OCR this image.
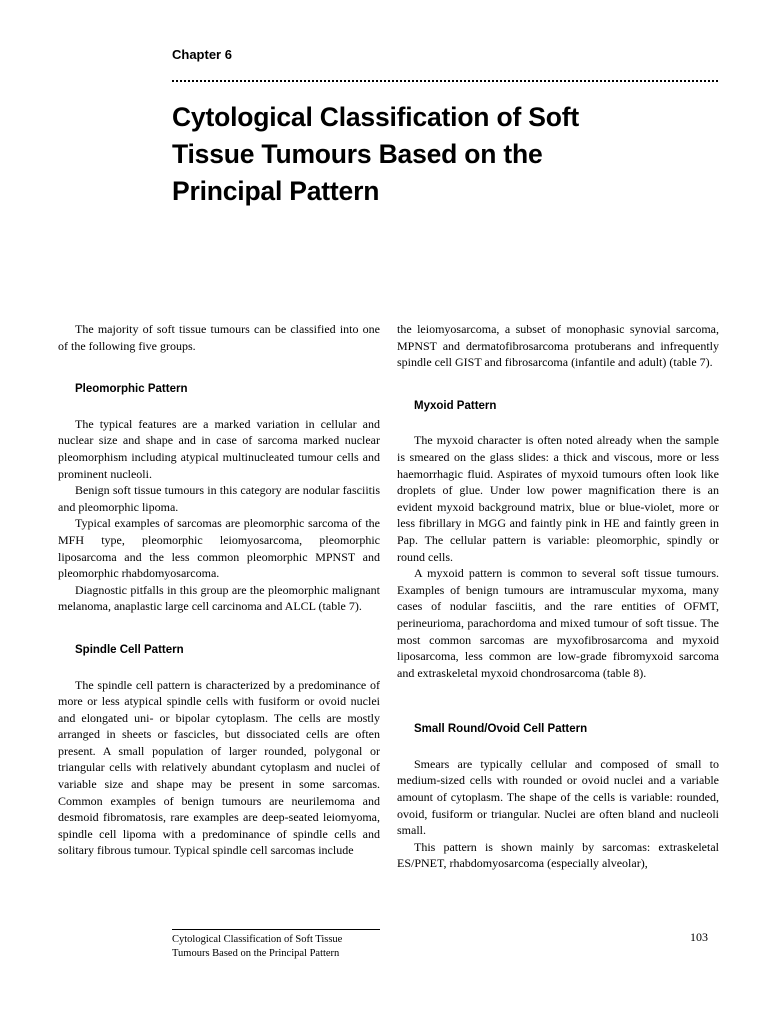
Chapter 6
Cytological Classification of Soft
Tissue Tumours Based on the
Principal Pattern

The majority of soft tissue tumours can be classified into one of the following five groups.

Pleomorphic Pattern

The typical features are a marked variation in cellular and nuclear size and shape and in case of sarcoma marked nuclear pleomorphism including atypical multinucleated tumour cells and prominent nucleoli.

Benign soft tissue tumours in this category are nodular fasciitis and pleomorphic lipoma.

Typical examples of sarcomas are pleomorphic sarcoma of the MFH type, pleomorphic leiomyosarcoma, pleomorphic liposarcoma and the less common pleomorphic MPNST and pleomorphic rhabdomyosarcoma.

Diagnostic pitfalls in this group are the pleomorphic malignant melanoma, anaplastic large cell carcinoma and ALCL (table 7).

Spindle Cell Pattern

The spindle cell pattern is characterized by a predominance of more or less atypical spindle cells with fusiform or ovoid nuclei and elongated uni- or bipolar cytoplasm. The cells are mostly arranged in sheets or fascicles, but dissociated cells are often present. A small population of larger rounded, polygonal or triangular cells with relatively abundant cytoplasm and nuclei of variable size and shape may be present in some sarcomas. Common examples of benign tumours are neurilemoma and desmoid fibromatosis, rare examples are deep-seated leiomyoma, spindle cell lipoma with a predominance of spindle cells and solitary fibrous tumour. Typical spindle cell sarcomas include

the leiomyosarcoma, a subset of monophasic synovial sarcoma, MPNST and dermatofibrosarcoma protuberans and infrequently spindle cell GIST and fibrosarcoma (infantile and adult) (table 7).

Myxoid Pattern

The myxoid character is often noted already when the sample is smeared on the glass slides: a thick and viscous, more or less haemorrhagic fluid. Aspirates of myxoid tumours often look like droplets of glue. Under low power magnification there is an evident myxoid background matrix, blue or blue-violet, more or less fibrillary in MGG and faintly pink in HE and faintly green in Pap. The cellular pattern is variable: pleomorphic, spindly or round cells.

A myxoid pattern is common to several soft tissue tumours. Examples of benign tumours are intramuscular myxoma, many cases of nodular fasciitis, and the rare entities of OFMT, perineurioma, parachordoma and mixed tumour of soft tissue. The most common sarcomas are myxofibrosarcoma and myxoid liposarcoma, less common are low-grade fibromyxoid sarcoma and extraskeletal myxoid chondrosarcoma (table 8).

Small Round/Ovoid Cell Pattern

Smears are typically cellular and composed of small to medium-sized cells with rounded or ovoid nuclei and a variable amount of cytoplasm. The shape of the cells is variable: rounded, ovoid, fusiform or triangular. Nuclei are often bland and nucleoli small.

This pattern is shown mainly by sarcomas: extraskeletal ES/PNET, rhabdomyosarcoma (especially alveolar),

Cytological Classification of Soft Tissue
Tumours Based on the Principal Pattern
103
